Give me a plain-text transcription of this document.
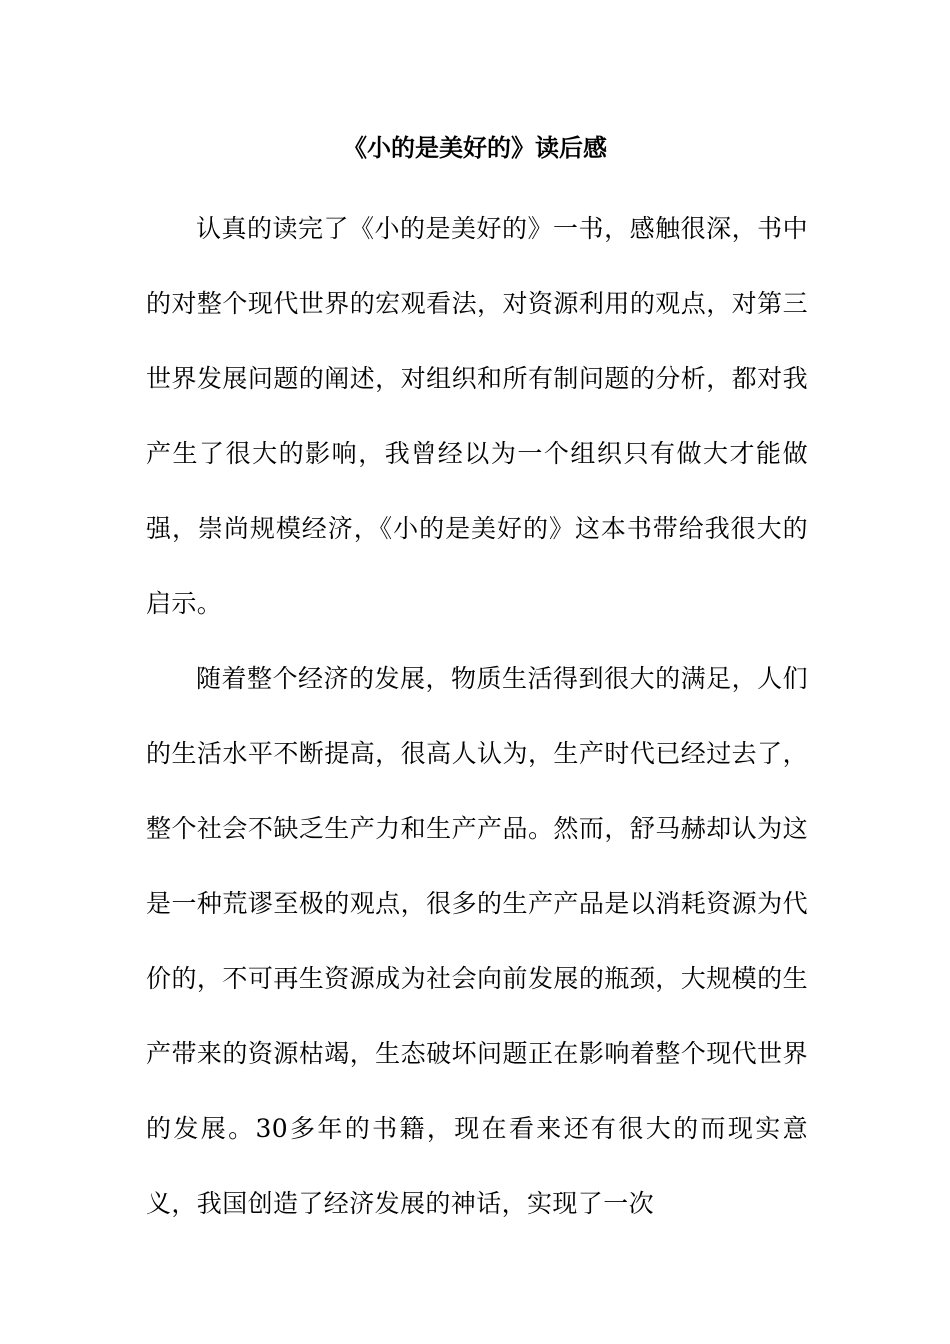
《小的是美好的》读后感

认真的读完了《小的是美好的》一书，感触很深，书中的对整个现代世界的宏观看法，对资源利用的观点，对第三世界发展问题的阐述，对组织和所有制问题的分析，都对我产生了很大的影响，我曾经以为一个组织只有做大才能做强，崇尚规模经济，《小的是美好的》这本书带给我很大的启示。

随着整个经济的发展，物质生活得到很大的满足，人们的生活水平不断提高，很高人认为，生产时代已经过去了，整个社会不缺乏生产力和生产产品。然而，舒马赫却认为这是一种荒谬至极的观点，很多的生产产品是以消耗资源为代价的，不可再生资源成为社会向前发展的瓶颈，大规模的生产带来的资源枯竭，生态破坏问题正在影响着整个现代世界的发展。30多年的书籍，现在看来还有很大的而现实意义，我国创造了经济发展的神话，实现了一次
